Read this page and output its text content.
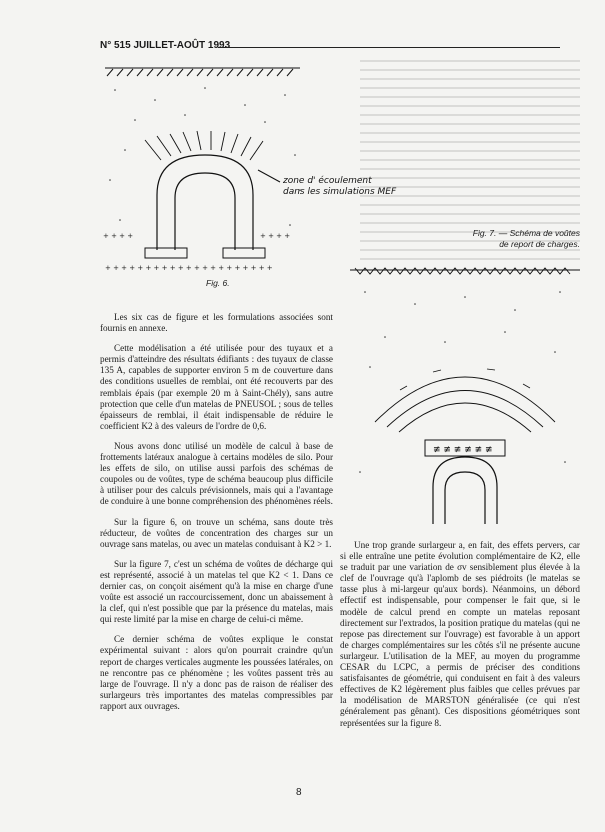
N° 515 JUILLET-AOÛT 1993
zone d' écoulement
dans les simulations MEF
+ + + +	+ + + +
+ + + + + + + + + + + + + + + + + + + + +
Fig. 6.
Fig. 7. — Schéma de voûtes
de report de charges.
≢ ≢ ≢ ≢ ≢ ≢

Les six cas de figure et les formulations associées sont fournis en annexe.

Cette modélisation a été utilisée pour des tuyaux et a permis d'atteindre des résultats édifiants : des tuyaux de classe 135 A, capables de supporter environ 5 m de couverture dans des conditions usuelles de remblai, ont été recouverts par des remblais épais (par exemple 20 m à Saint-Chély), sans autre protection que celle d'un matelas de PNEUSOL ; sous de telles épaisseurs de remblai, il était indispensable de réduire le coefficient K2 à des valeurs de l'ordre de 0,6.

Nous avons donc utilisé un modèle de calcul à base de frottements latéraux analogue à certains modèles de silo. Pour les effets de silo, on utilise aussi parfois des schémas de coupoles ou de voûtes, type de schéma beaucoup plus difficile à utiliser pour des calculs prévisionnels, mais qui a l'avantage de conduire à une bonne compréhension des phénomènes réels.

Sur la figure 6, on trouve un schéma, sans doute très réducteur, de voûtes de concentration des charges sur un ouvrage sans matelas, ou avec un matelas conduisant à K2 > 1.

Sur la figure 7, c'est un schéma de voûtes de décharge qui est représenté, associé à un matelas tel que K2 < 1. Dans ce dernier cas, on conçoit aisément qu'à la mise en charge d'une voûte est associé un raccourcissement, donc un abaissement à la clef, qui n'est possible que par la présence du matelas, mais qui reste limité par la mise en charge de celui-ci même.

Ce dernier schéma de voûtes explique le constat expérimental suivant : alors qu'on pourrait craindre qu'un report de charges verticales augmente les poussées latérales, on ne rencontre pas ce phénomène ; les voûtes passent très au large de l'ouvrage. Il n'y a donc pas de raison de réaliser des surlargeurs très importantes des matelas compressibles par rapport aux ouvrages.

Une trop grande surlargeur a, en fait, des effets pervers, car si elle entraîne une petite évolution complémentaire de K2, elle se traduit par une variation de σv sensiblement plus élevée à la clef de l'ouvrage qu'à l'aplomb de ses piédroits (le matelas se tasse plus à mi-largeur qu'aux bords). Néanmoins, un débord effectif est indispensable, pour compenser le fait que, si le modèle de calcul prend en compte un matelas reposant directement sur l'extrados, la position pratique du matelas (qui ne repose pas directement sur l'ouvrage) est favorable à un apport de charges complémentaires sur les côtés s'il ne présente aucune surlargeur. L'utilisation de la MEF, au moyen du programme CESAR du LCPC, a permis de préciser des conditions satisfaisantes de géométrie, qui conduisent en fait à des valeurs effectives de K2 légèrement plus faibles que celles prévues par la modélisation de MARSTON généralisée (ce qui n'est généralement pas gênant). Ces dispositions géométriques sont représentées sur la figure 8.

8
